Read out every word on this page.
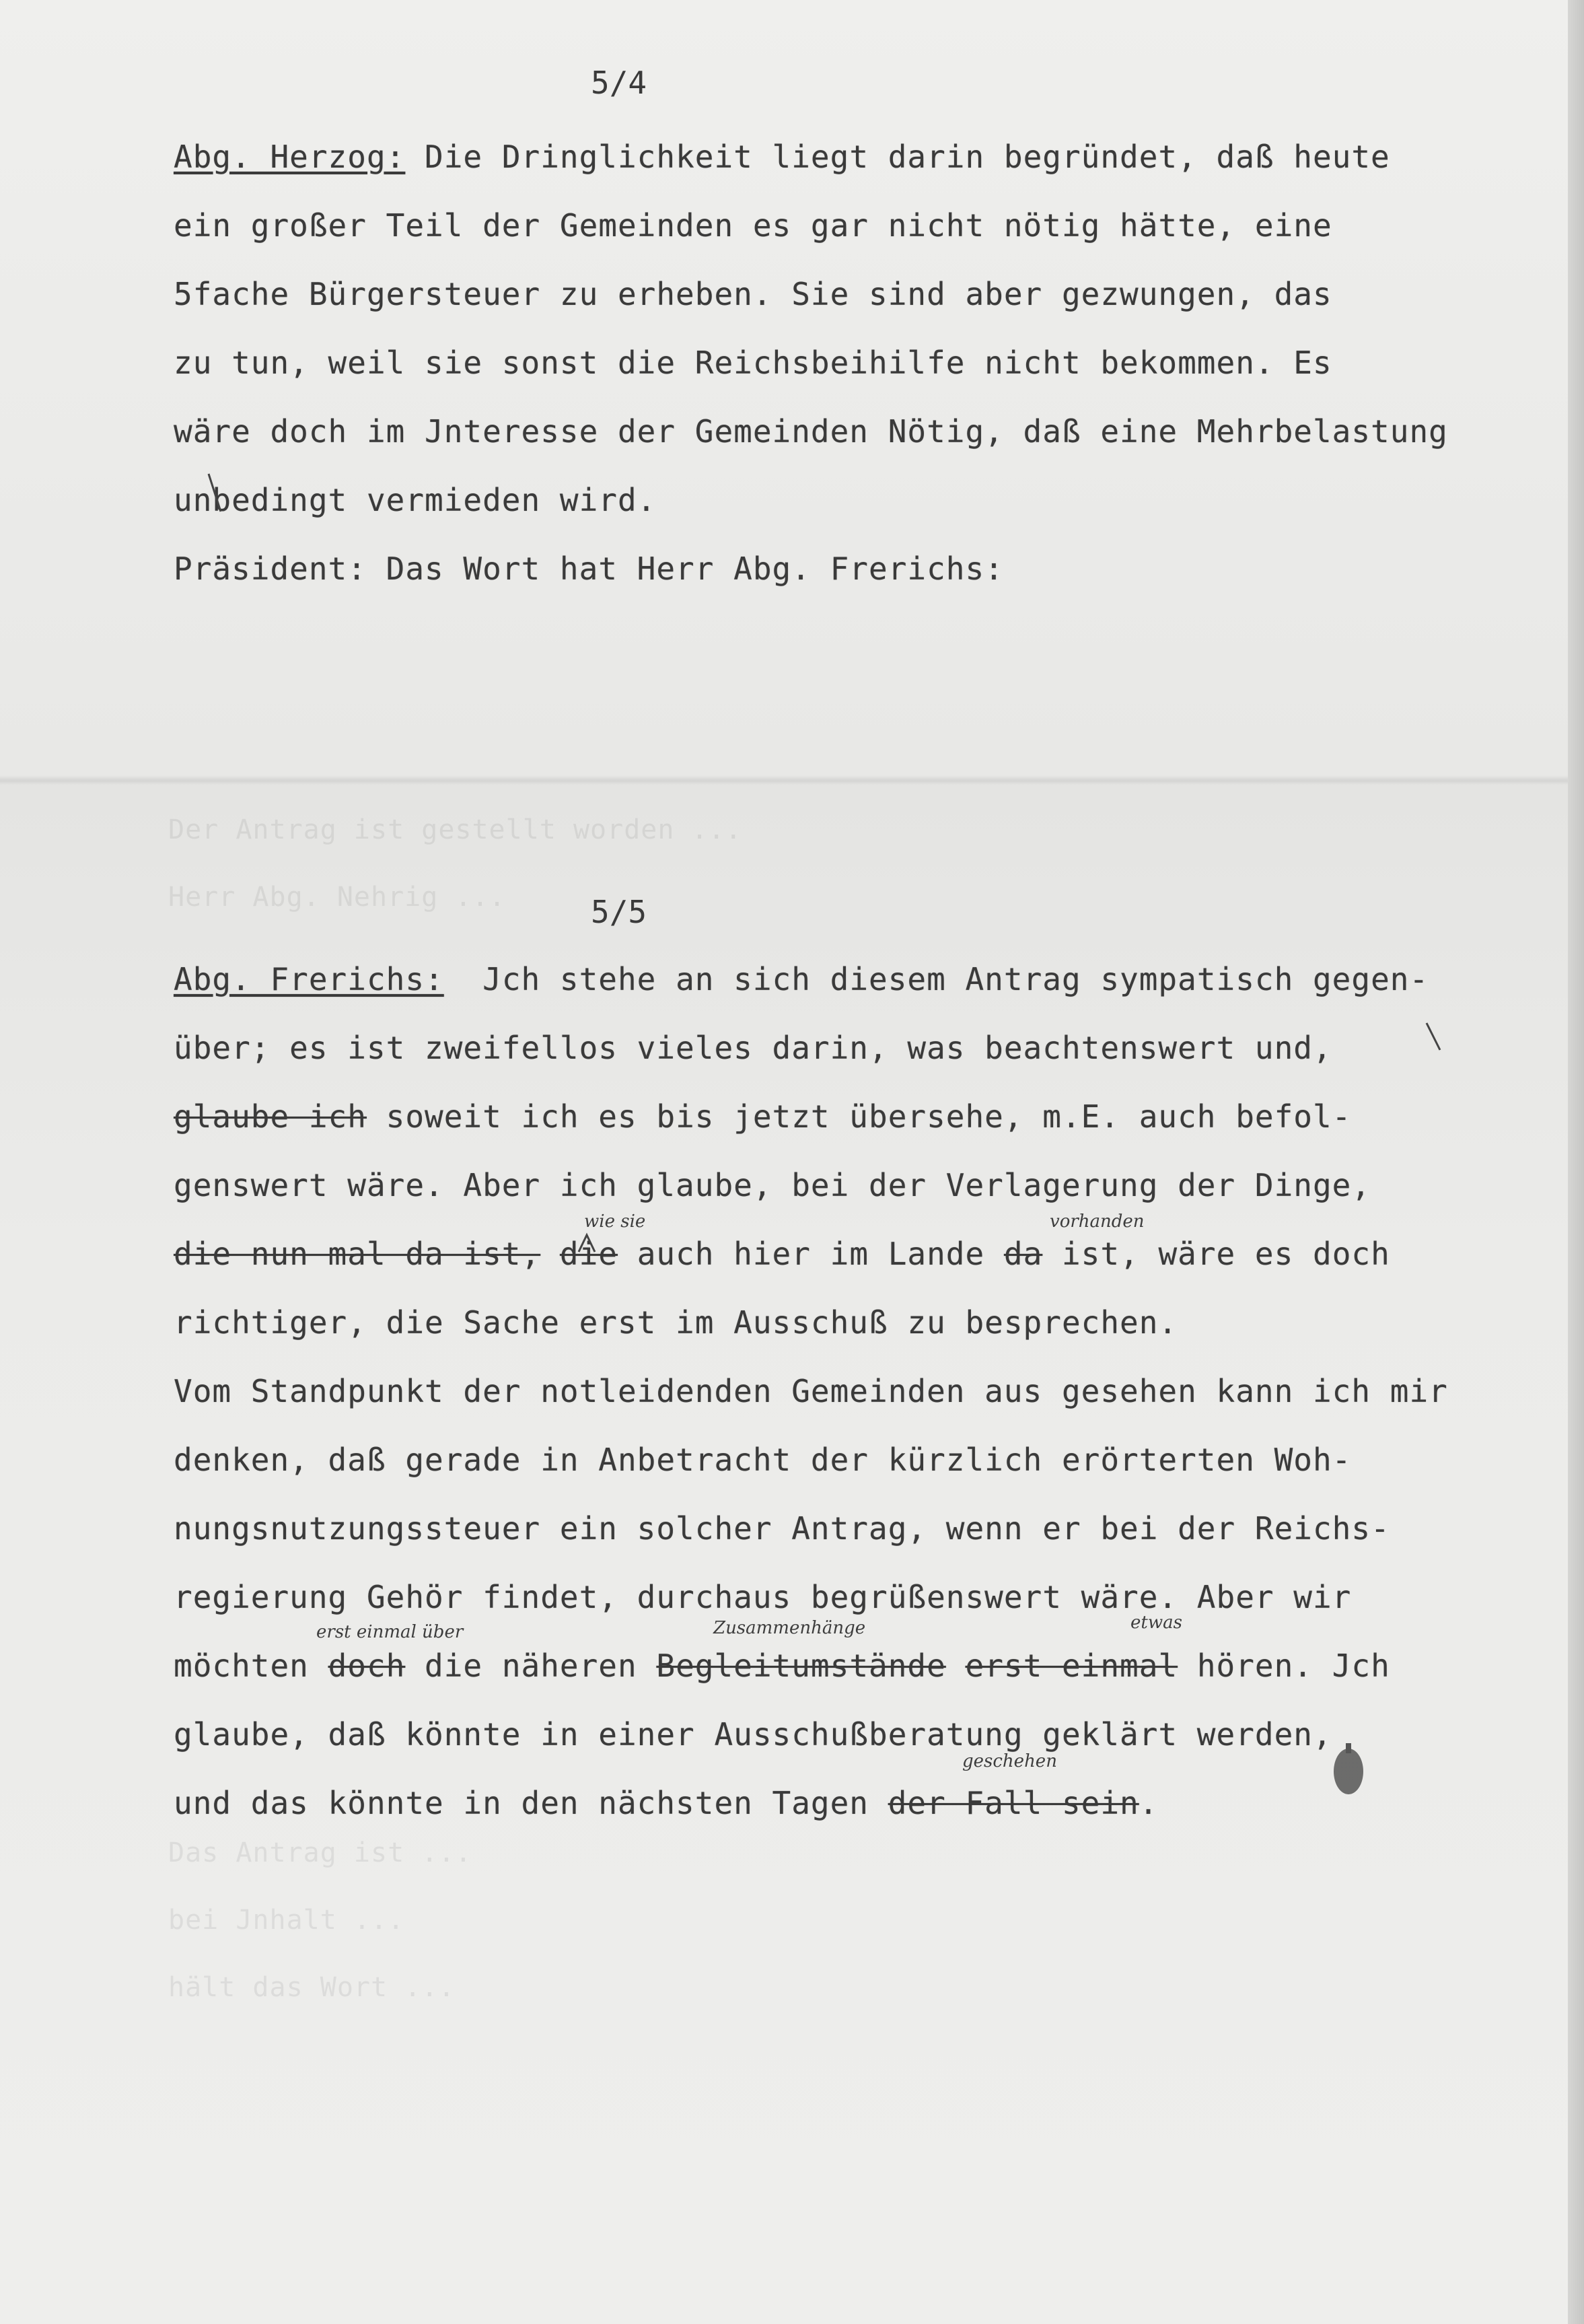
Der Antrag ist gestellt worden ...
Herr Abg. Nehrig ...
Das Antrag ist ...
bei Jnhalt ...
hält das Wort ...
5/4
Abg. Herzog: Die Dringlichkeit liegt darin begründet, daß heute
ein großer Teil der Gemeinden es gar nicht nötig hätte, eine
5fache Bürgersteuer zu erheben. Sie sind aber gezwungen, das
zu tun, weil sie sonst die Reichsbeihilfe nicht bekommen. Es
wäre doch im Jnteresse der Gemeinden Nötig, daß eine Mehrbelastung
unbedingt vermieden wird.
Präsident: Das Wort hat Herr Abg. Frerichs:
5/5
Abg. Frerichs:  Jch stehe an sich diesem Antrag sympatisch gegen-
über; es ist zweifellos vieles darin, was beachtenswert und,
glaube ich soweit ich es bis jetzt übersehe, m.E. auch befol-
genswert wäre. Aber ich glaube, bei der Verlagerung der Dinge,
die nun mal da ist, die auch hier im Lande da ist, wäre es doch
richtiger, die Sache erst im Ausschuß zu besprechen.
Vom Standpunkt der notleidenden Gemeinden aus gesehen kann ich mir
denken, daß gerade in Anbetracht der kürzlich erörterten Woh-
nungsnutzungssteuer ein solcher Antrag, wenn er bei der Reichs-
regierung Gehör findet, durchaus begrüßenswert wäre. Aber wir
möchten doch die näheren Begleitumstände erst einmal hören. Jch
glaube, daß könnte in einer Ausschußberatung geklärt werden,
und das könnte in den nächsten Tagen der Fall sein.
wie sie	vorhanden
erst einmal über	Zusammenhänge	etwas
geschehen
